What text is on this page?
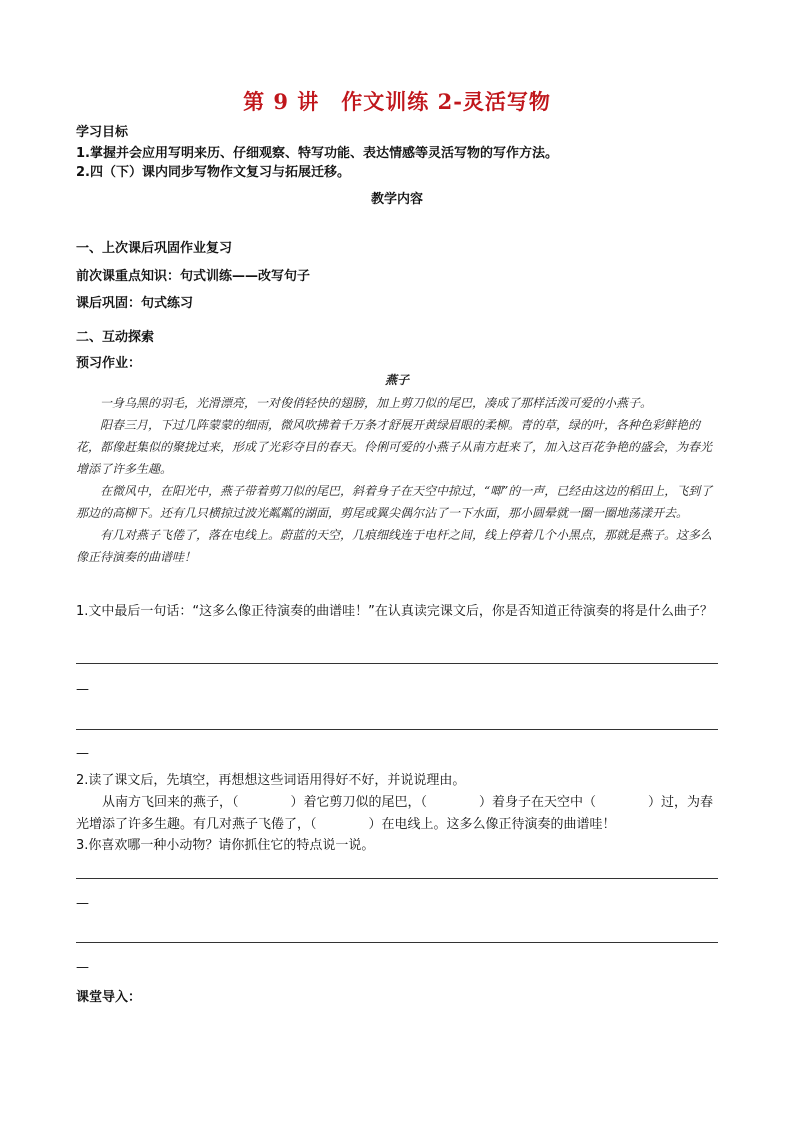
第 9 讲　作文训练 2-灵活写物
学习目标
1.掌握并会应用写明来历、仔细观察、特写功能、表达情感等灵活写物的写作方法。
2.四（下）课内同步写物作文复习与拓展迁移。
教学内容
一、上次课后巩固作业复习
前次课重点知识：句式训练——改写句子
课后巩固：句式练习
二、互动探索
预习作业：
燕子

一身乌黑的羽毛，光滑漂亮，一对俊俏轻快的翅膀，加上剪刀似的尾巴，凑成了那样活泼可爱的小燕子。

阳春三月，下过几阵蒙蒙的细雨，微风吹拂着千万条才舒展开黄绿眉眼的柔柳。青的草，绿的叶，各种色彩鲜艳的花，都像赶集似的聚拢过来，形成了光彩夺目的春天。伶俐可爱的小燕子从南方赶来了，加入这百花争艳的盛会，为春光增添了许多生趣。

在微风中，在阳光中，燕子带着剪刀似的尾巴，斜着身子在天空中掠过，“唧”的一声，已经由这边的稻田上，飞到了那边的高柳下。还有几只横掠过波光粼粼的湖面，剪尾或翼尖偶尔沾了一下水面，那小圆晕就一圈一圈地荡漾开去。

有几对燕子飞倦了，落在电线上。蔚蓝的天空，几痕细线连于电杆之间，线上停着几个小黑点，那就是燕子。这多么像正待演奏的曲谱哇！

1.文中最后一句话：“这多么像正待演奏的曲谱哇！”在认真读完课文后，你是否知道正待演奏的将是什么曲子？
—
—
2.读了课文后，先填空，再想想这些词语用得好不好，并说说理由。
从南方飞回来的燕子，（　　　　）着它剪刀似的尾巴，（　　　　）着身子在天空中（　　　　）过，为春光增添了许多生趣。有几对燕子飞倦了，（　　　　）在电线上。这多么像正待演奏的曲谱哇！
3.你喜欢哪一种小动物？请你抓住它的特点说一说。
—
—
课堂导入：
